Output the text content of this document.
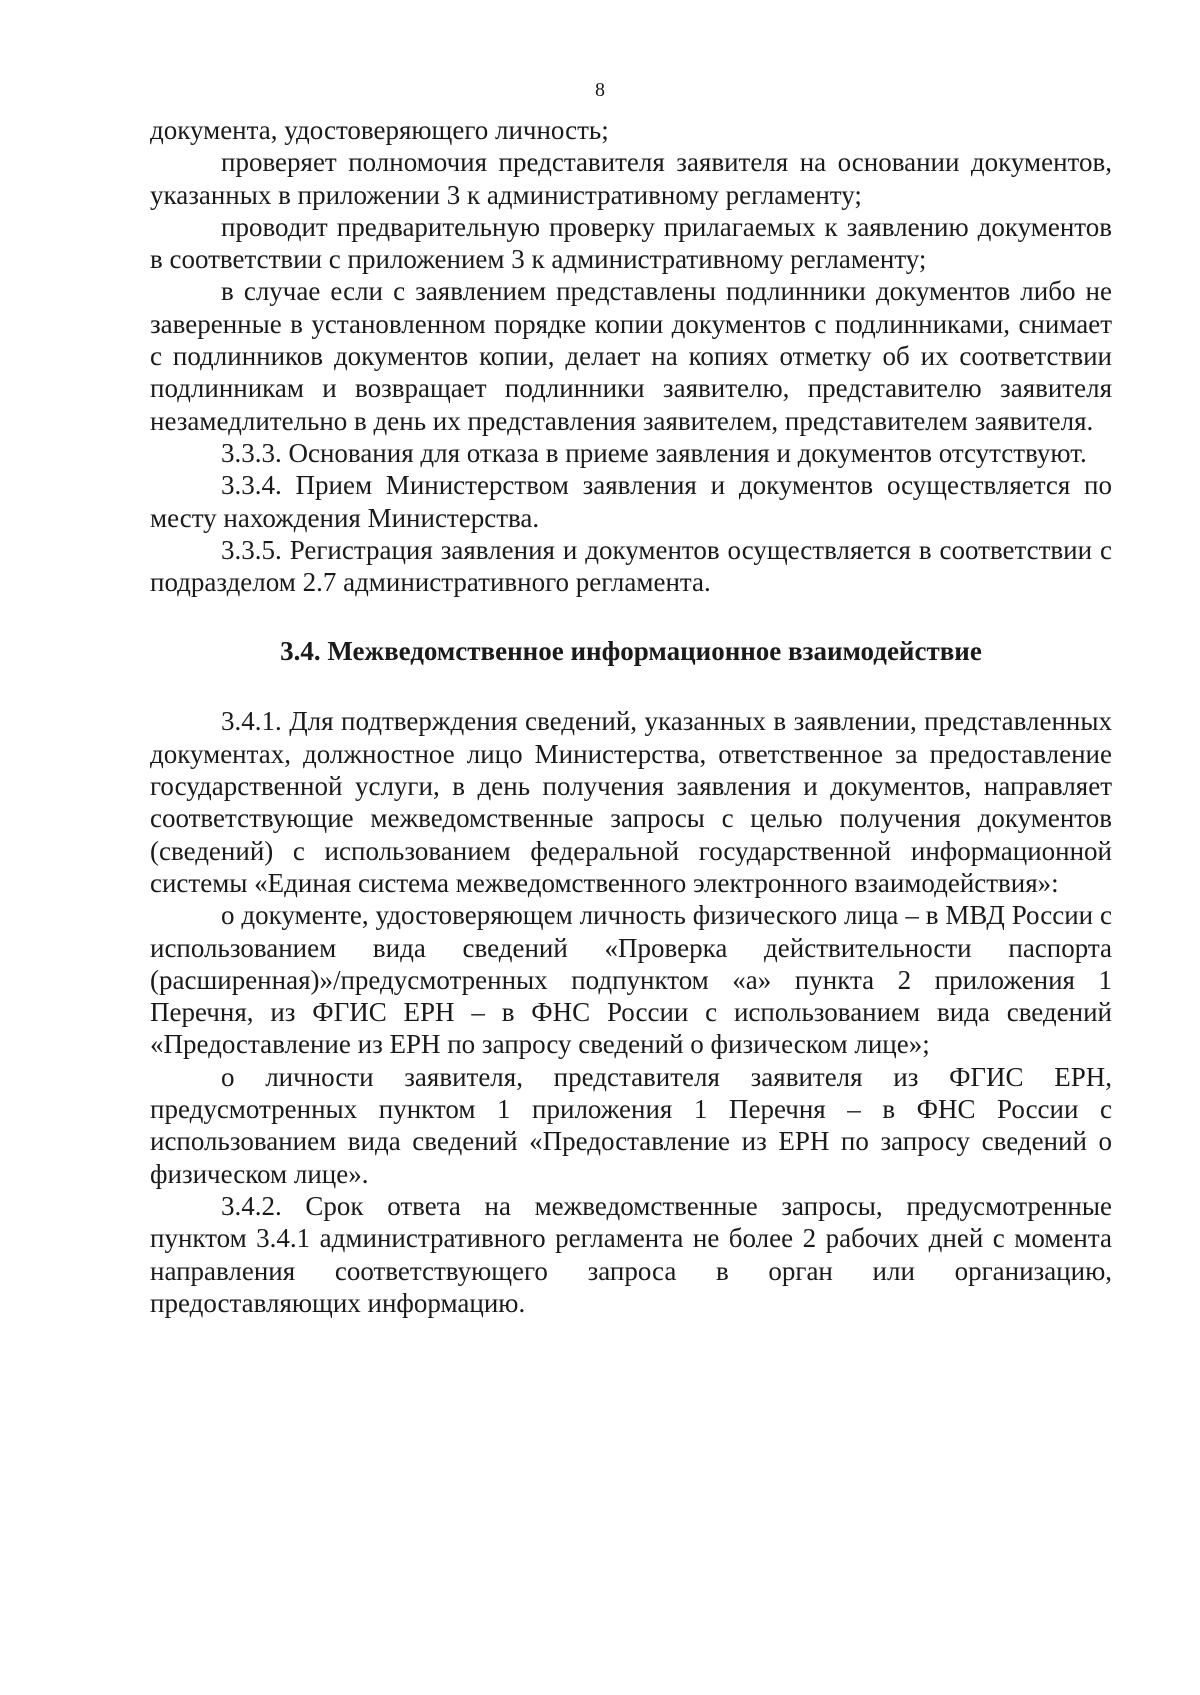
8

документа, удостоверяющего личность;

проверяет полномочия представителя заявителя на основании документов, указанных в приложении 3 к административному регламенту;

проводит предварительную проверку прилагаемых к заявлению документов в соответствии с приложением 3 к административному регламенту;

в случае если с заявлением представлены подлинники документов либо не заверенные в установленном порядке копии документов с подлинниками, снимает с подлинников документов копии, делает на копиях отметку об их соответствии подлинникам и возвращает подлинники заявителю, представителю заявителя незамедлительно в день их представления заявителем, представителем заявителя.

3.3.3. Основания для отказа в приеме заявления и документов отсутствуют.

3.3.4. Прием Министерством заявления и документов осуществляется по месту нахождения Министерства.

3.3.5. Регистрация заявления и документов осуществляется в соответствии с подразделом 2.7 административного регламента.

3.4. Межведомственное информационное взаимодействие

3.4.1. Для подтверждения сведений, указанных в заявлении, представленных документах, должностное лицо Министерства, ответственное за предоставление государственной услуги, в день получения заявления и документов, направляет соответствующие межведомственные запросы с целью получения документов (сведений) с использованием федеральной государственной информационной системы «Единая система межведомственного электронного взаимодействия»:

о документе, удостоверяющем личность физического лица – в МВД России с использованием вида сведений «Проверка действительности паспорта (расширенная)»/предусмотренных подпунктом «а» пункта 2 приложения 1 Перечня, из ФГИС ЕРН – в ФНС России с использованием вида сведений «Предоставление из ЕРН по запросу сведений о физическом лице»;

о личности заявителя, представителя заявителя из ФГИС ЕРН, предусмотренных пунктом 1 приложения 1 Перечня – в ФНС России с использованием вида сведений «Предоставление из ЕРН по запросу сведений о физическом лице».

3.4.2. Срок ответа на межведомственные запросы, предусмотренные пунктом 3.4.1 административного регламента не более 2 рабочих дней с момента направления соответствующего запроса в орган или организацию, предоставляющих информацию.
